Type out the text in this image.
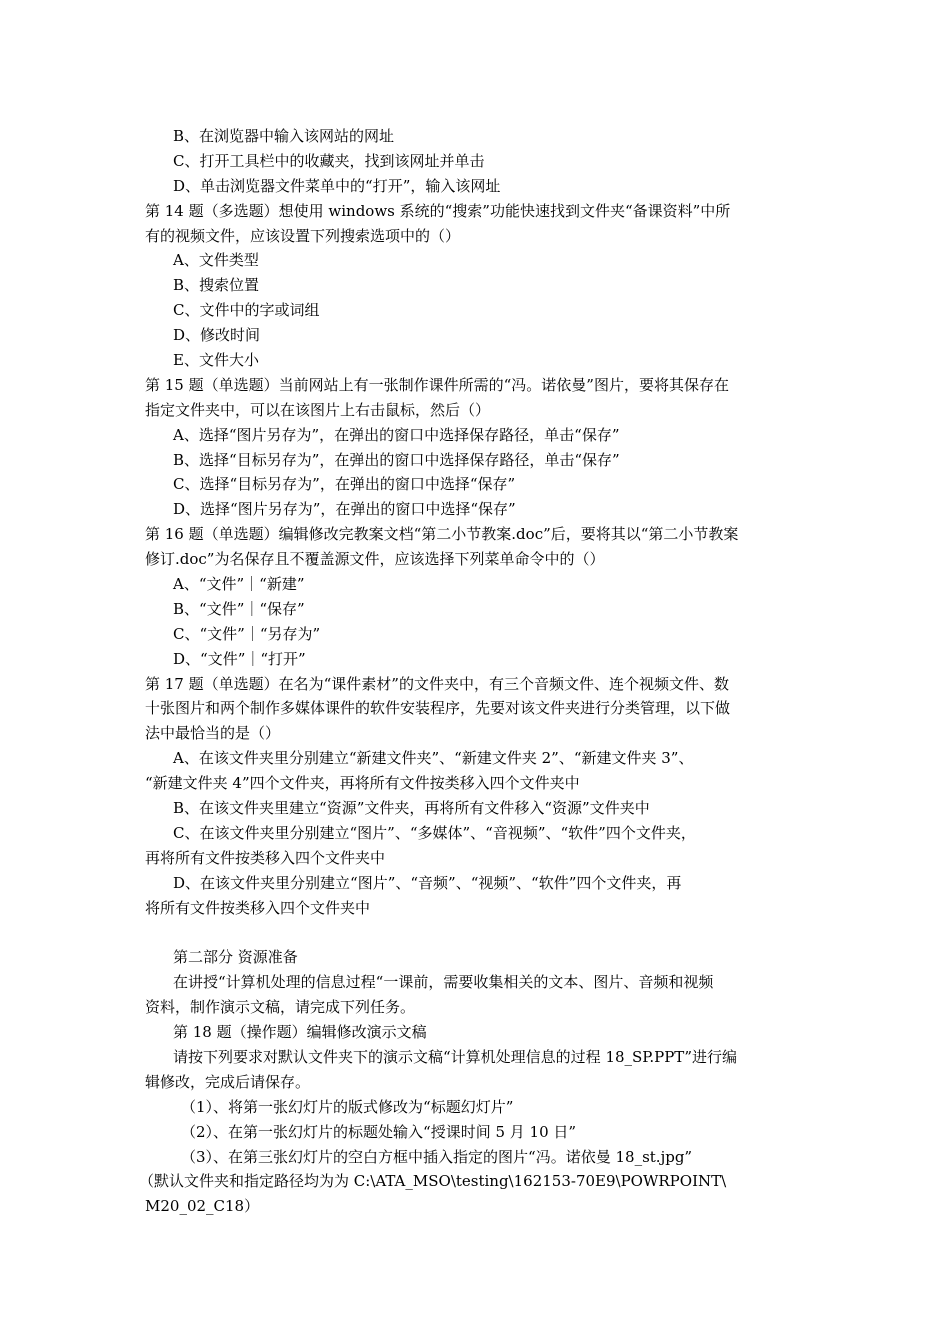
B、在浏览器中输入该网站的网址
C、打开工具栏中的收藏夹，找到该网址并单击
D、单击浏览器文件菜单中的“打开”，输入该网址
第 14 题（多选题）想使用 windows 系统的“搜索”功能快速找到文件夹“备课资料”中所
有的视频文件，应该设置下列搜索选项中的（）
A、文件类型
B、搜索位置
C、文件中的字或词组
D、修改时间
E、文件大小
第 15 题（单选题）当前网站上有一张制作课件所需的“冯。诺依曼”图片，要将其保存在
指定文件夹中，可以在该图片上右击鼠标，然后（）
A、选择“图片另存为”，在弹出的窗口中选择保存路径，单击“保存”
B、选择“目标另存为”，在弹出的窗口中选择保存路径，单击“保存”
C、选择“目标另存为”，在弹出的窗口中选择“保存”
D、选择“图片另存为”，在弹出的窗口中选择“保存”
第 16 题（单选题）编辑修改完教案文档“第二小节教案.doc”后，要将其以“第二小节教案
修订.doc”为名保存且不覆盖源文件，应该选择下列菜单命令中的（）
A、“文件”｜“新建”
B、“文件”｜“保存”
C、“文件”｜“另存为”
D、“文件”｜“打开”
第 17 题（单选题）在名为“课件素材”的文件夹中，有三个音频文件、连个视频文件、数
十张图片和两个制作多媒体课件的软件安装程序，先要对该文件夹进行分类管理，以下做
法中最恰当的是（）
A、在该文件夹里分别建立“新建文件夹”、“新建文件夹 2”、“新建文件夹 3”、
“新建文件夹 4”四个文件夹，再将所有文件按类移入四个文件夹中
B、在该文件夹里建立“资源”文件夹，再将所有文件移入“资源”文件夹中
C、在该文件夹里分别建立“图片”、“多媒体”、“音视频”、“软件”四个文件夹，
再将所有文件按类移入四个文件夹中
D、在该文件夹里分别建立“图片”、“音频”、“视频”、“软件”四个文件夹，再
将所有文件按类移入四个文件夹中
第二部分 资源准备
在讲授“计算机处理的信息过程“一课前，需要收集相关的文本、图片、音频和视频
资料，制作演示文稿，请完成下列任务。
第 18 题（操作题）编辑修改演示文稿
请按下列要求对默认文件夹下的演示文稿“计算机处理信息的过程 18_SP.PPT”进行编
辑修改，完成后请保存。
（1）、将第一张幻灯片的版式修改为“标题幻灯片”
（2）、在第一张幻灯片的标题处输入“授课时间 5 月 10 日”
（3）、在第三张幻灯片的空白方框中插入指定的图片“冯。诺依曼 18_st.jpg”
（默认文件夹和指定路径均为为 C:\ATA_MSO\testing\162153-70E9\POWRPOINT\
M20_02_C18）
